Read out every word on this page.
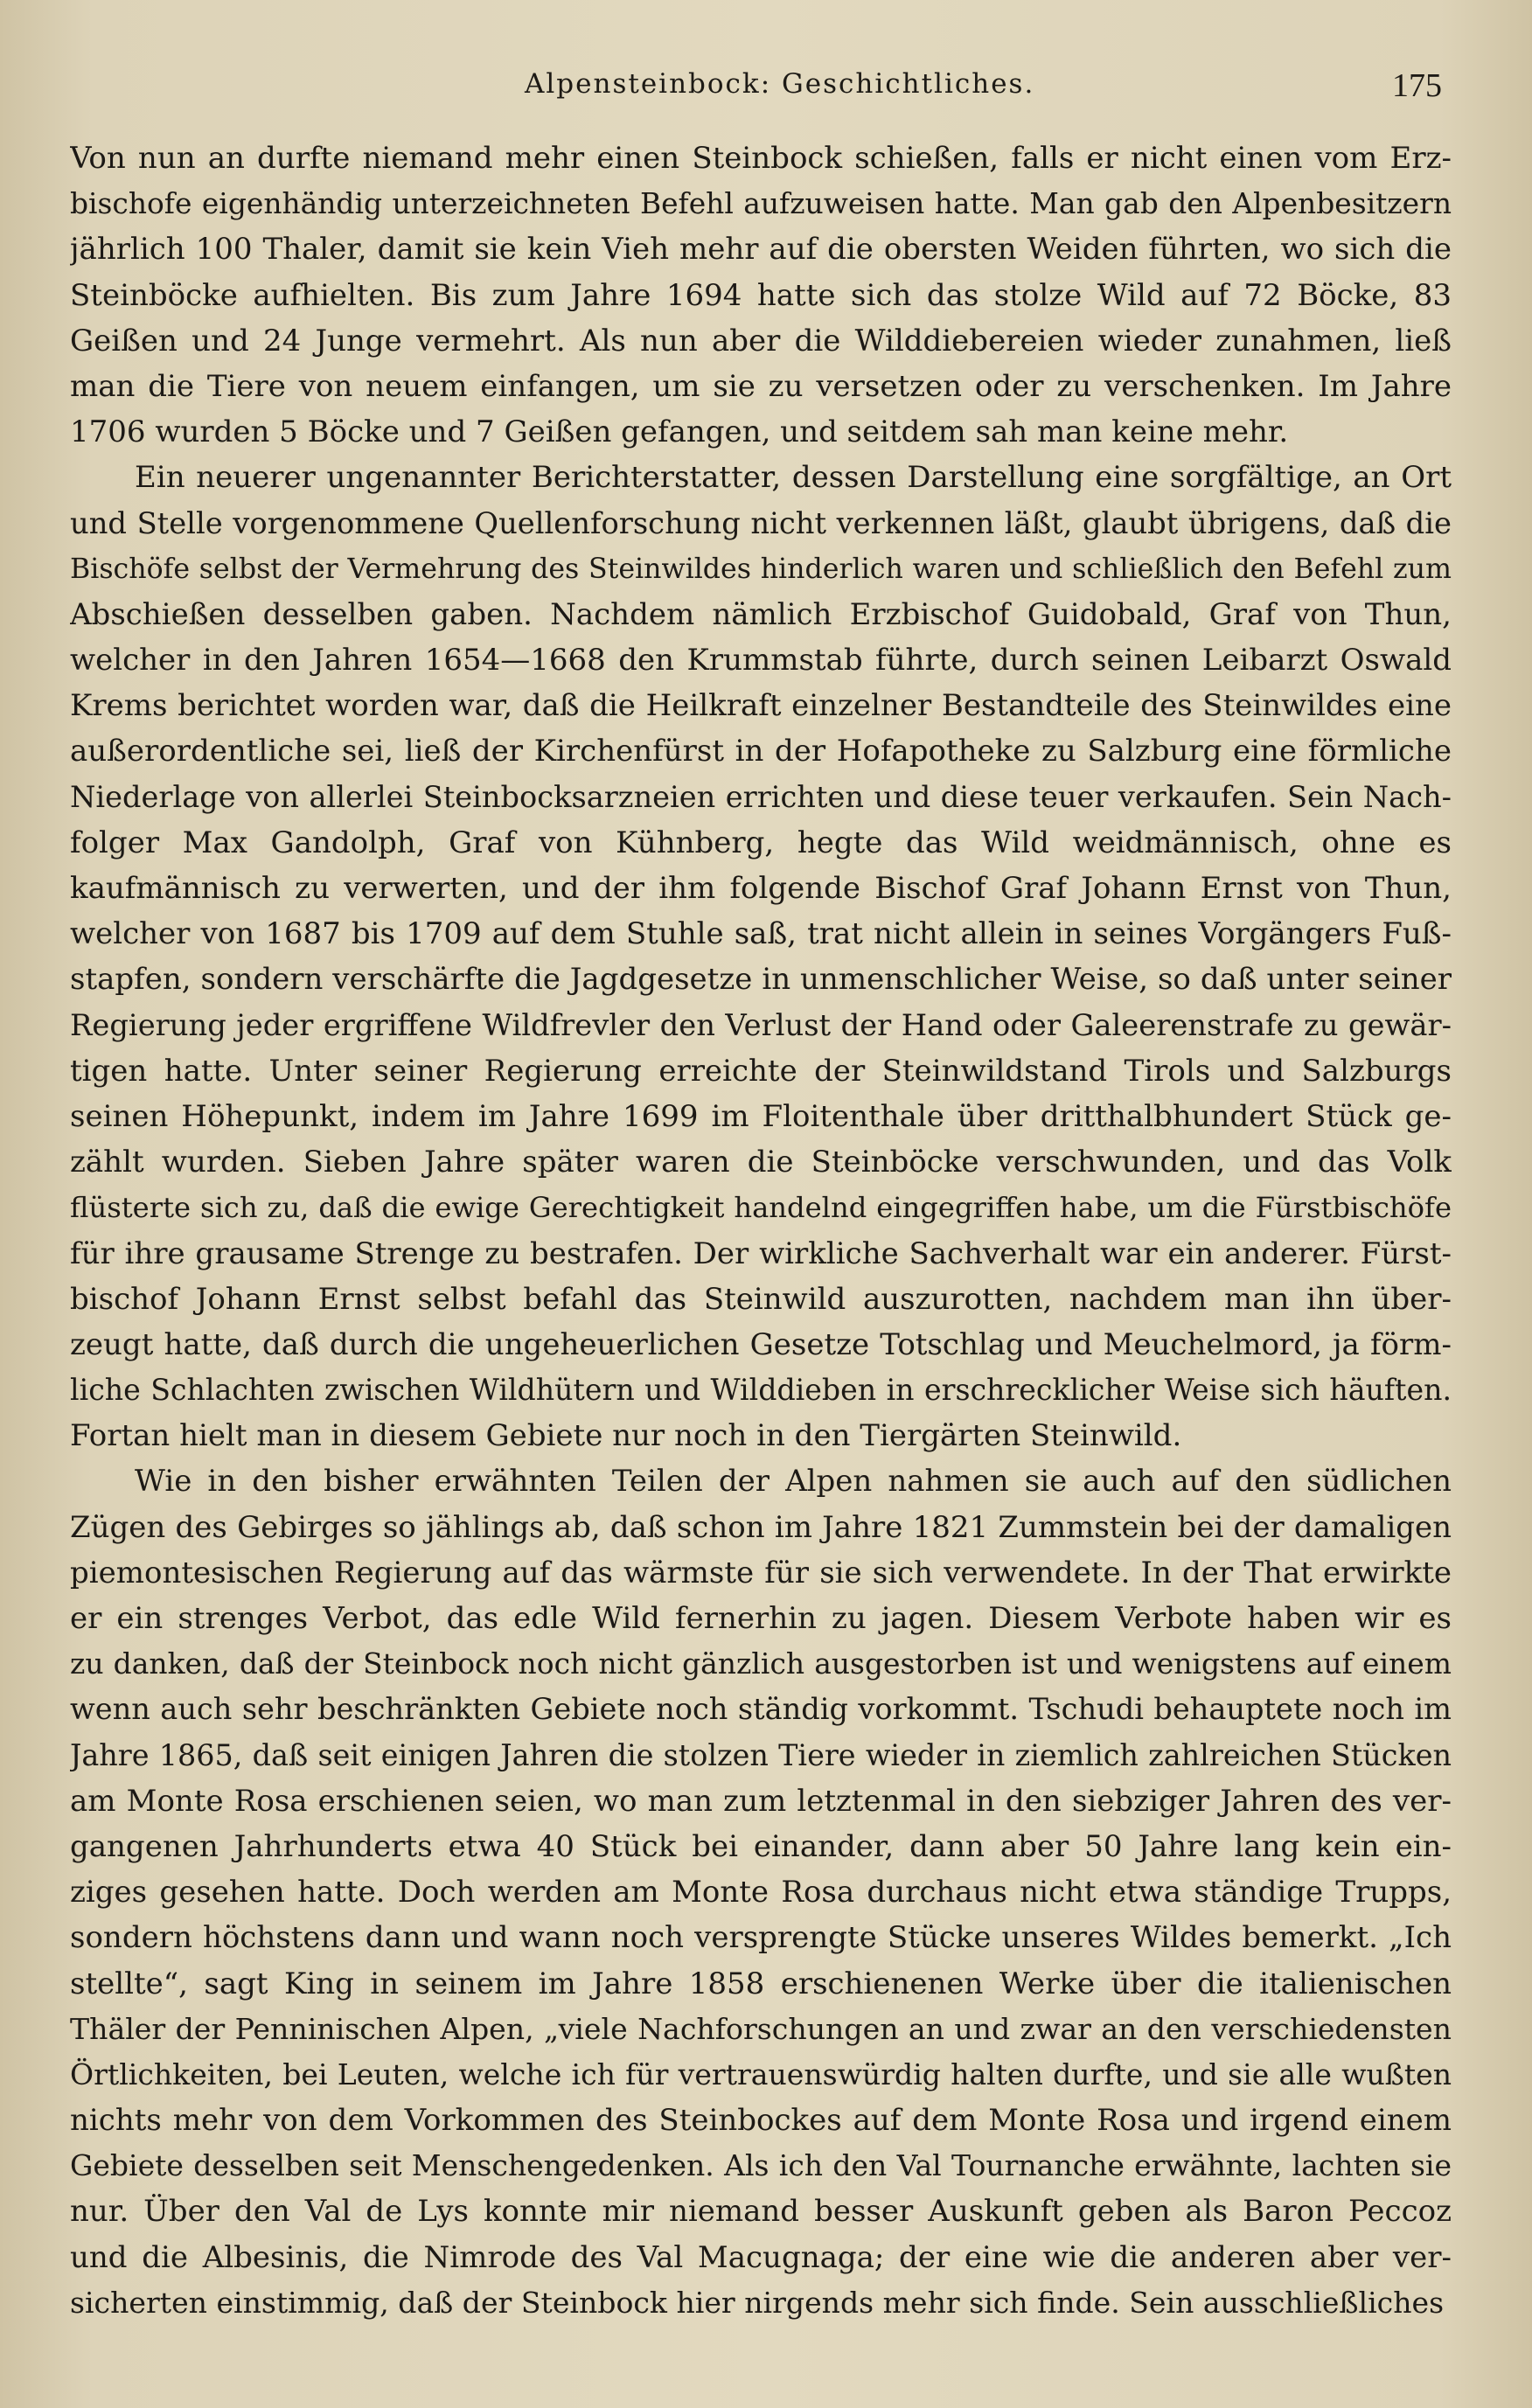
Alpensteinbock: Geschichtliches.	175
Von nun an durfte niemand mehr einen Steinbock schießen, falls er nicht einen vom Erz-
bischofe eigenhändig unterzeichneten Befehl aufzuweisen hatte. Man gab den Alpenbesitzern
jährlich 100 Thaler, damit sie kein Vieh mehr auf die obersten Weiden führten, wo sich die
Steinböcke aufhielten. Bis zum Jahre 1694 hatte sich das stolze Wild auf 72 Böcke, 83
Geißen und 24 Junge vermehrt. Als nun aber die Wilddiebereien wieder zunahmen, ließ
man die Tiere von neuem einfangen, um sie zu versetzen oder zu verschenken. Im Jahre
1706 wurden 5 Böcke und 7 Geißen gefangen, und seitdem sah man keine mehr.
Ein neuerer ungenannter Berichterstatter, dessen Darstellung eine sorgfältige, an Ort
und Stelle vorgenommene Quellenforschung nicht verkennen läßt, glaubt übrigens, daß die
Bischöfe selbst der Vermehrung des Steinwildes hinderlich waren und schließlich den Befehl zum
Abschießen desselben gaben. Nachdem nämlich Erzbischof Guidobald, Graf von Thun,
welcher in den Jahren 1654—1668 den Krummstab führte, durch seinen Leibarzt Oswald
Krems berichtet worden war, daß die Heilkraft einzelner Bestandteile des Steinwildes eine
außerordentliche sei, ließ der Kirchenfürst in der Hofapotheke zu Salzburg eine förmliche
Niederlage von allerlei Steinbocksarzneien errichten und diese teuer verkaufen. Sein Nach-
folger Max Gandolph, Graf von Kühnberg, hegte das Wild weidmännisch, ohne es
kaufmännisch zu verwerten, und der ihm folgende Bischof Graf Johann Ernst von Thun,
welcher von 1687 bis 1709 auf dem Stuhle saß, trat nicht allein in seines Vorgängers Fuß-
stapfen, sondern verschärfte die Jagdgesetze in unmenschlicher Weise, so daß unter seiner
Regierung jeder ergriffene Wildfrevler den Verlust der Hand oder Galeerenstrafe zu gewär-
tigen hatte. Unter seiner Regierung erreichte der Steinwildstand Tirols und Salzburgs
seinen Höhepunkt, indem im Jahre 1699 im Floitenthale über dritthalbhundert Stück ge-
zählt wurden. Sieben Jahre später waren die Steinböcke verschwunden, und das Volk
flüsterte sich zu, daß die ewige Gerechtigkeit handelnd eingegriffen habe, um die Fürstbischöfe
für ihre grausame Strenge zu bestrafen. Der wirkliche Sachverhalt war ein anderer. Fürst-
bischof Johann Ernst selbst befahl das Steinwild auszurotten, nachdem man ihn über-
zeugt hatte, daß durch die ungeheuerlichen Gesetze Totschlag und Meuchelmord, ja förm-
liche Schlachten zwischen Wildhütern und Wilddieben in erschrecklicher Weise sich häuften.
Fortan hielt man in diesem Gebiete nur noch in den Tiergärten Steinwild.
Wie in den bisher erwähnten Teilen der Alpen nahmen sie auch auf den südlichen
Zügen des Gebirges so jählings ab, daß schon im Jahre 1821 Zummstein bei der damaligen
piemontesischen Regierung auf das wärmste für sie sich verwendete. In der That erwirkte
er ein strenges Verbot, das edle Wild fernerhin zu jagen. Diesem Verbote haben wir es
zu danken, daß der Steinbock noch nicht gänzlich ausgestorben ist und wenigstens auf einem
wenn auch sehr beschränkten Gebiete noch ständig vorkommt. Tschudi behauptete noch im
Jahre 1865, daß seit einigen Jahren die stolzen Tiere wieder in ziemlich zahlreichen Stücken
am Monte Rosa erschienen seien, wo man zum letztenmal in den siebziger Jahren des ver-
gangenen Jahrhunderts etwa 40 Stück bei einander, dann aber 50 Jahre lang kein ein-
ziges gesehen hatte. Doch werden am Monte Rosa durchaus nicht etwa ständige Trupps,
sondern höchstens dann und wann noch versprengte Stücke unseres Wildes bemerkt. „Ich
stellte“, sagt King in seinem im Jahre 1858 erschienenen Werke über die italienischen
Thäler der Penninischen Alpen, „viele Nachforschungen an und zwar an den verschiedensten
Örtlichkeiten, bei Leuten, welche ich für vertrauenswürdig halten durfte, und sie alle wußten
nichts mehr von dem Vorkommen des Steinbockes auf dem Monte Rosa und irgend einem
Gebiete desselben seit Menschengedenken. Als ich den Val Tournanche erwähnte, lachten sie
nur. Über den Val de Lys konnte mir niemand besser Auskunft geben als Baron Peccoz
und die Albesinis, die Nimrode des Val Macugnaga; der eine wie die anderen aber ver-
sicherten einstimmig, daß der Steinbock hier nirgends mehr sich finde. Sein ausschließliches
